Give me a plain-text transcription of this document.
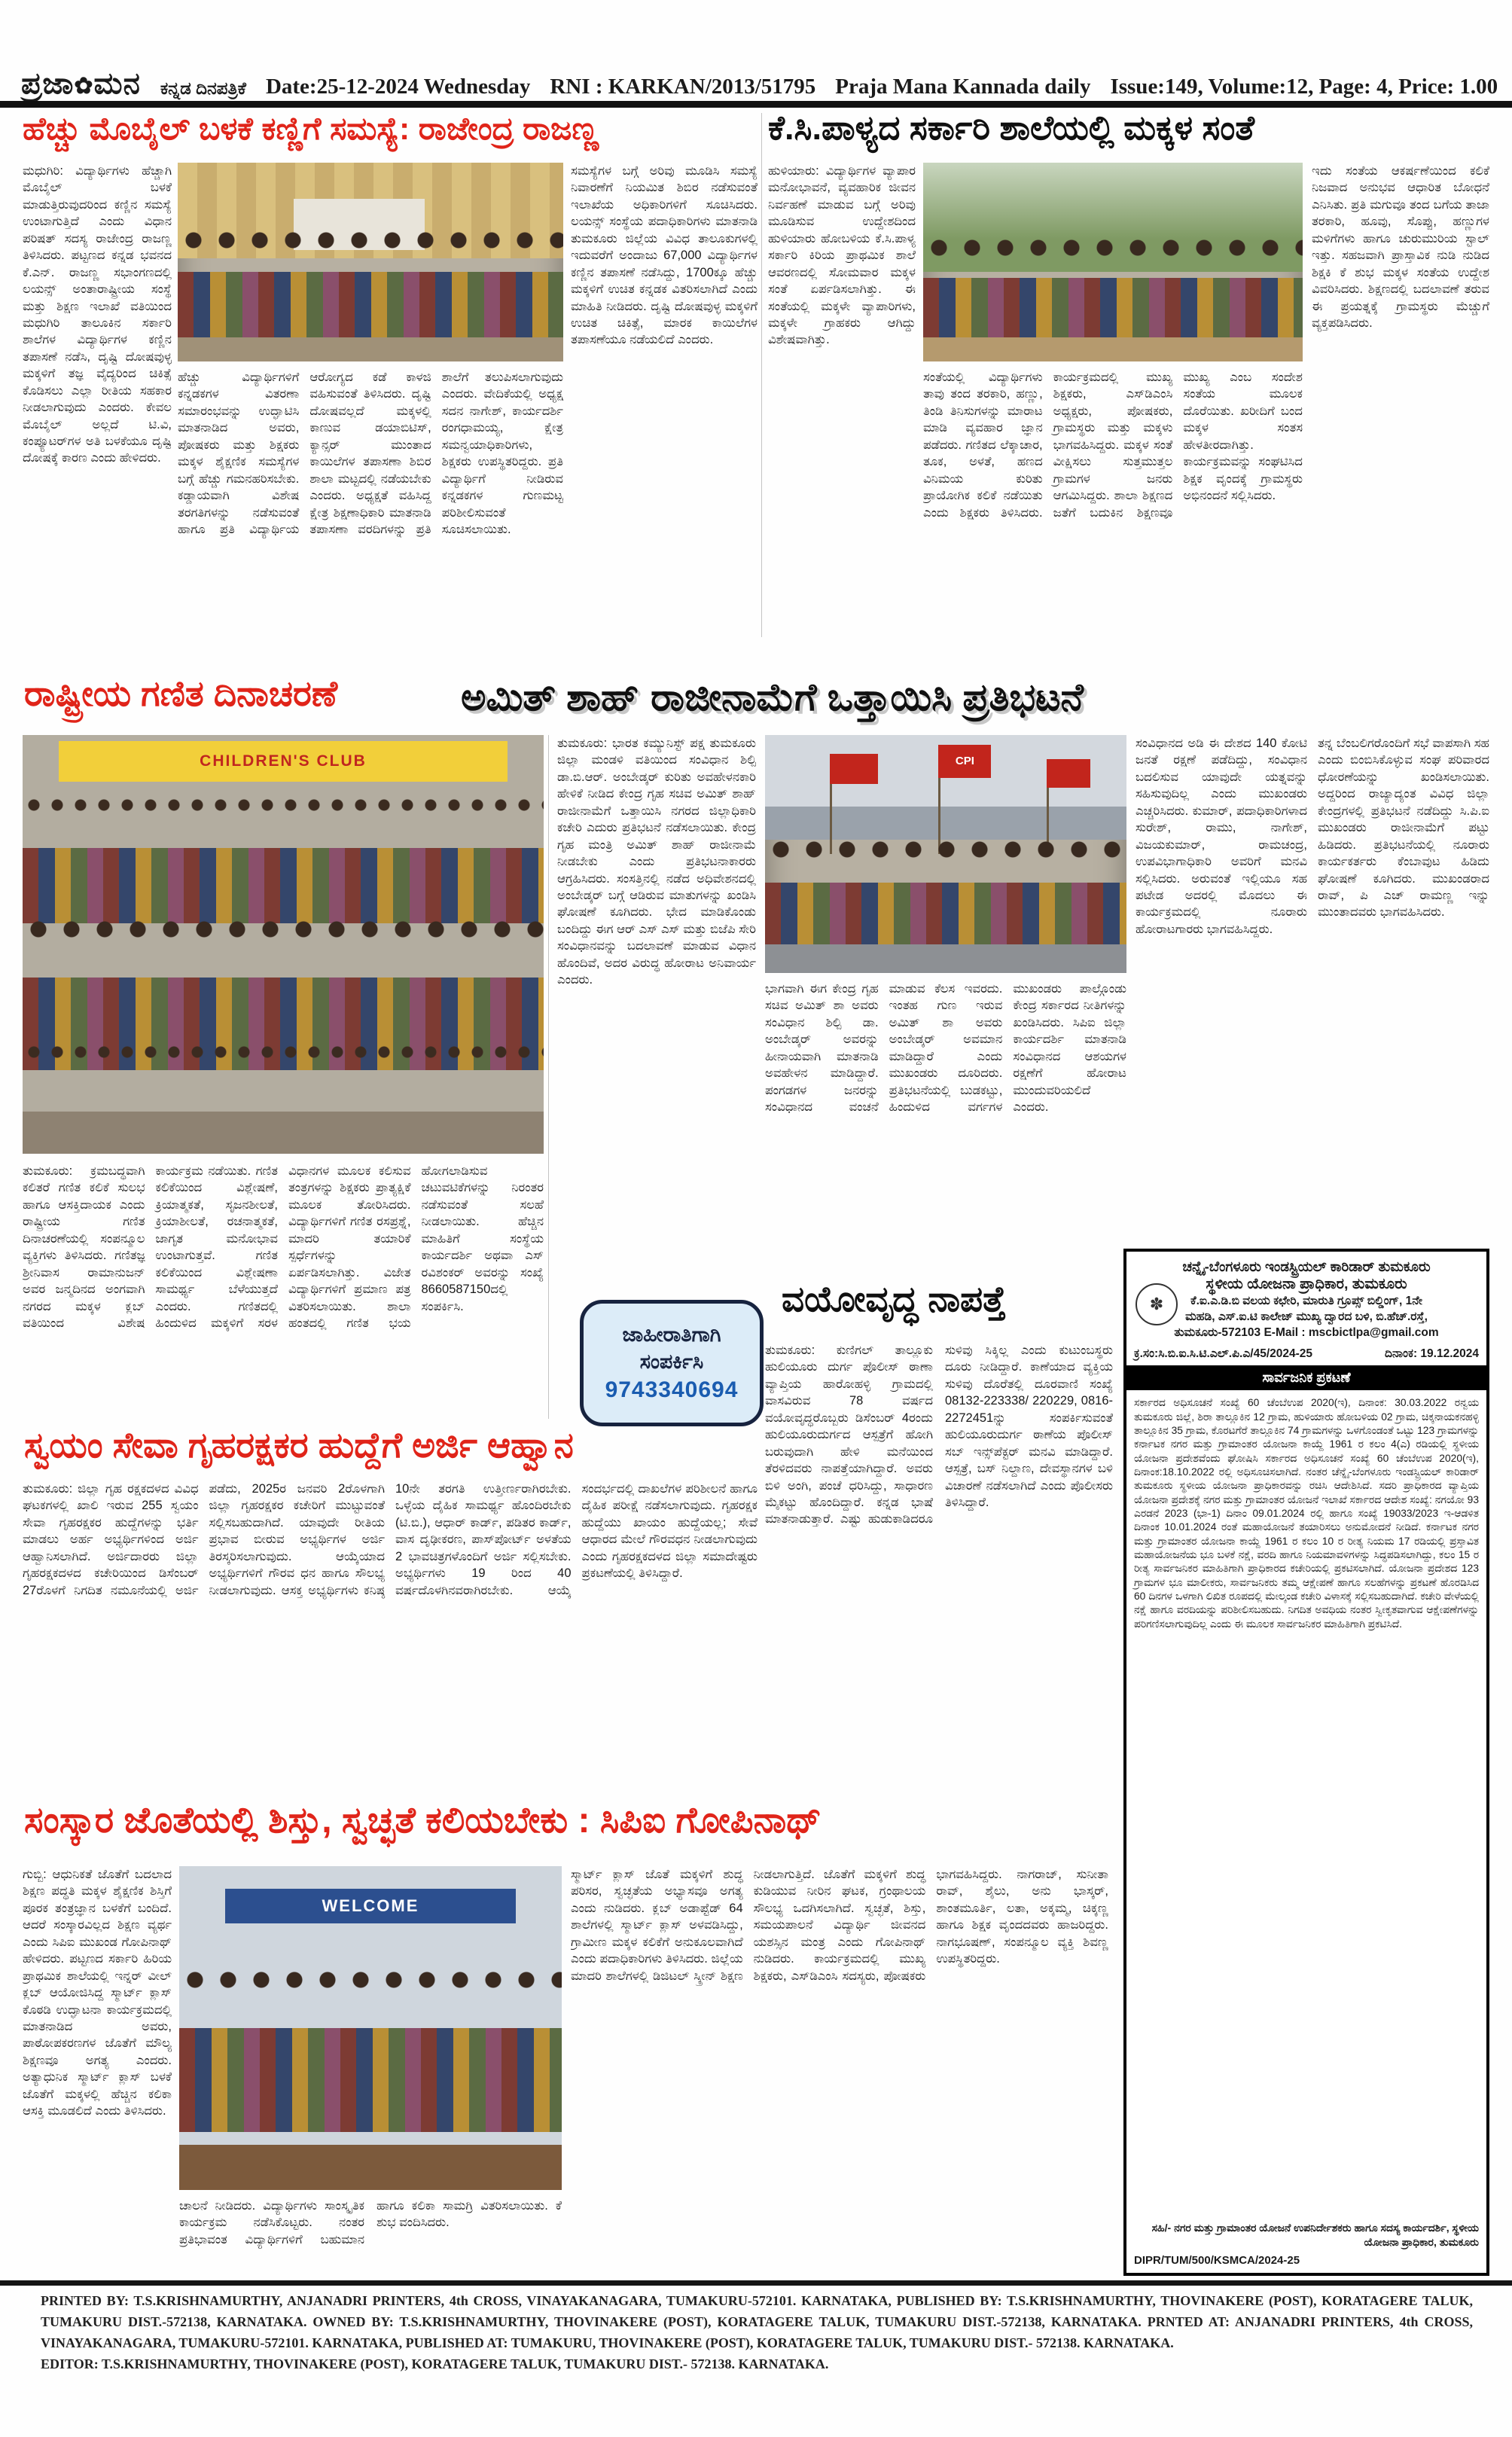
ಪ್ರಜಾ✿ಮನ ಕನ್ನಡ ದಿನಪತ್ರಿಕೆ Date:25-12-2024 Wednesday RNI : KARKAN/2013/51795 Praja Mana Kannada daily Issue:149, Volume:12, Page: 4, Price: 1.00
ಹೆಚ್ಚು ಮೊಬೈಲ್ ಬಳಕೆ ಕಣ್ಣಿಗೆ ಸಮಸ್ಯೆ: ರಾಜೇಂದ್ರ ರಾಜಣ್ಣ	ಕೆ.ಸಿ.ಪಾಳ್ಯದ ಸರ್ಕಾರಿ ಶಾಲೆಯಲ್ಲಿ ಮಕ್ಕಳ ಸಂತೆ

ಮಧುಗಿರಿ: ವಿದ್ಯಾರ್ಥಿಗಳು ಹೆಚ್ಚಾಗಿ ಮೊಬೈಲ್ ಬಳಕೆ ಮಾಡುತ್ತಿರುವುದರಿಂದ ಕಣ್ಣಿನ ಸಮಸ್ಯೆ ಉಂಟಾಗುತ್ತಿದೆ ಎಂದು ವಿಧಾನ ಪರಿಷತ್ ಸದಸ್ಯ ರಾಜೇಂದ್ರ ರಾಜಣ್ಣ ತಿಳಿಸಿದರು. ಪಟ್ಟಣದ ಕನ್ನಡ ಭವನದ ಕೆ.ಎನ್. ರಾಜಣ್ಣ ಸಭಾಂಗಣದಲ್ಲಿ ಲಯನ್ಸ್ ಅಂತಾರಾಷ್ಟ್ರೀಯ ಸಂಸ್ಥೆ ಮತ್ತು ಶಿಕ್ಷಣ ಇಲಾಖೆ ವತಿಯಿಂದ ಮಧುಗಿರಿ ತಾಲೂಕಿನ ಸರ್ಕಾರಿ ಶಾಲೆಗಳ ವಿದ್ಯಾರ್ಥಿಗಳ ಕಣ್ಣಿನ ತಪಾಸಣೆ ನಡೆಸಿ, ದೃಷ್ಟಿ ದೋಷವುಳ್ಳ ಮಕ್ಕಳಿಗೆ ತಜ್ಞ ವೈದ್ಯರಿಂದ ಚಿಕಿತ್ಸೆ ಕೊಡಿಸಲು ಎಲ್ಲಾ ರೀತಿಯ ಸಹಕಾರ ನೀಡಲಾಗುವುದು ಎಂದರು. ಕೇವಲ ಮೊಬೈಲ್ ಅಲ್ಲದೆ ಟಿ.ವಿ, ಕಂಪ್ಯೂಟರ್‌ಗಳ ಅತಿ ಬಳಕೆಯೂ ದೃಷ್ಟಿ ದೋಷಕ್ಕೆ ಕಾರಣ ಎಂದು ಹೇಳಿದರು.

ಸಮಸ್ಯೆಗಳ ಬಗ್ಗೆ ಅರಿವು ಮೂಡಿಸಿ ಸಮಸ್ಯೆ ನಿವಾರಣೆಗೆ ನಿಯಮಿತ ಶಿಬಿರ ನಡೆಸುವಂತೆ ಇಲಾಖೆಯ ಅಧಿಕಾರಿಗಳಿಗೆ ಸೂಚಿಸಿದರು. ಲಯನ್ಸ್ ಸಂಸ್ಥೆಯ ಪದಾಧಿಕಾರಿಗಳು ಮಾತನಾಡಿ ತುಮಕೂರು ಜಿಲ್ಲೆಯ ವಿವಿಧ ತಾಲೂಕುಗಳಲ್ಲಿ ಇದುವರೆಗೆ ಅಂದಾಜು 67,000 ವಿದ್ಯಾರ್ಥಿಗಳ ಕಣ್ಣಿನ ತಪಾಸಣೆ ನಡೆಸಿದ್ದು, 1700ಕ್ಕೂ ಹೆಚ್ಚು ಮಕ್ಕಳಿಗೆ ಉಚಿತ ಕನ್ನಡಕ ವಿತರಿಸಲಾಗಿದೆ ಎಂದು ಮಾಹಿತಿ ನೀಡಿದರು. ದೃಷ್ಟಿ ದೋಷವುಳ್ಳ ಮಕ್ಕಳಿಗೆ ಉಚಿತ ಚಿಕಿತ್ಸೆ, ಮಾರಕ ಕಾಯಿಲೆಗಳ ತಪಾಸಣೆಯೂ ನಡೆಯಲಿದೆ ಎಂದರು.

ಹೆಚ್ಚು ವಿದ್ಯಾರ್ಥಿಗಳಿಗೆ ಕನ್ನಡಕಗಳ ವಿತರಣಾ ಸಮಾರಂಭವನ್ನು ಉದ್ಘಾಟಿಸಿ ಮಾತನಾಡಿದ ಅವರು, ಪೋಷಕರು ಮತ್ತು ಶಿಕ್ಷಕರು ಮಕ್ಕಳ ಶೈಕ್ಷಣಿಕ ಸಮಸ್ಯೆಗಳ ಬಗ್ಗೆ ಹೆಚ್ಚು ಗಮನಹರಿಸಬೇಕು. ಕಡ್ಡಾಯವಾಗಿ ವಿಶೇಷ ತರಗತಿಗಳನ್ನು ನಡೆಸುವಂತೆ ಹಾಗೂ ಪ್ರತಿ ವಿದ್ಯಾರ್ಥಿಯ ಆರೋಗ್ಯದ ಕಡೆ ಕಾಳಜಿ ವಹಿಸುವಂತೆ ತಿಳಿಸಿದರು. ದೃಷ್ಟಿ ದೋಷವಲ್ಲದೆ ಮಕ್ಕಳಲ್ಲಿ ಕಾಣುವ ಡಯಾಬಿಟಿಸ್, ಕ್ಯಾನ್ಸರ್ ಮುಂತಾದ ಕಾಯಿಲೆಗಳ ತಪಾಸಣಾ ಶಿಬಿರ ಶಾಲಾ ಮಟ್ಟದಲ್ಲಿ ನಡೆಯಬೇಕು ಎಂದರು. ಅಧ್ಯಕ್ಷತೆ ವಹಿಸಿದ್ದ ಕ್ಷೇತ್ರ ಶಿಕ್ಷಣಾಧಿಕಾರಿ ಮಾತನಾಡಿ ತಪಾಸಣಾ ವರದಿಗಳನ್ನು ಪ್ರತಿ ಶಾಲೆಗೆ ತಲುಪಿಸಲಾಗುವುದು ಎಂದರು. ವೇದಿಕೆಯಲ್ಲಿ ಅಧ್ಯಕ್ಷ ಸದನ ನಾಗೇಶ್, ಕಾರ್ಯದರ್ಶಿ ರಂಗಧಾಮಯ್ಯ, ಕ್ಷೇತ್ರ ಸಮನ್ವಯಾಧಿಕಾರಿಗಳು, ಶಿಕ್ಷಕರು ಉಪಸ್ಥಿತರಿದ್ದರು. ಪ್ರತಿ ವಿದ್ಯಾರ್ಥಿಗೆ ನೀಡಿರುವ ಕನ್ನಡಕಗಳ ಗುಣಮಟ್ಟ ಪರಿಶೀಲಿಸುವಂತೆ ಸೂಚಿಸಲಾಯಿತು.

ಹುಳಿಯಾರು: ವಿದ್ಯಾರ್ಥಿಗಳ ವ್ಯಾಪಾರ ಮನೋಭಾವನೆ, ವ್ಯವಹಾರಿಕ ಜೀವನ ನಿರ್ವಹಣೆ ಮಾಡುವ ಬಗ್ಗೆ ಅರಿವು ಮೂಡಿಸುವ ಉದ್ದೇಶದಿಂದ ಹುಳಿಯಾರು ಹೋಬಳಿಯ ಕೆ.ಸಿ.ಪಾಳ್ಯ ಸರ್ಕಾರಿ ಕಿರಿಯ ಪ್ರಾಥಮಿಕ ಶಾಲೆ ಆವರಣದಲ್ಲಿ ಸೋಮವಾರ ಮಕ್ಕಳ ಸಂತೆ ಏರ್ಪಡಿಸಲಾಗಿತ್ತು. ಈ ಸಂತೆಯಲ್ಲಿ ಮಕ್ಕಳೇ ವ್ಯಾಪಾರಿಗಳು, ಮಕ್ಕಳೇ ಗ್ರಾಹಕರು ಆಗಿದ್ದು ವಿಶೇಷವಾಗಿತ್ತು.

ಇದು ಸಂತೆಯ ಆಕರ್ಷಣೆಯಿಂದ ಕಲಿಕೆ ನಿಜವಾದ ಅನುಭವ ಆಧಾರಿತ ಬೋಧನೆ ಎನಿಸಿತು. ಪ್ರತಿ ಮಗುವೂ ತಂದ ಬಗೆಯ ತಾಜಾ ತರಕಾರಿ, ಹೂವು, ಸೊಪ್ಪು, ಹಣ್ಣುಗಳ ಮಳಿಗೆಗಳು ಹಾಗೂ ಚುರುಮುರಿಯ ಸ್ಟಾಲ್ ಇತ್ತು. ಸಹಜವಾಗಿ ಪ್ರಾಸ್ತಾವಿಕ ನುಡಿ ನುಡಿದ ಶಿಕ್ಷಕಿ ಕೆ ಶುಭ ಮಕ್ಕಳ ಸಂತೆಯ ಉದ್ದೇಶ ವಿವರಿಸಿದರು. ಶಿಕ್ಷಣದಲ್ಲಿ ಬದಲಾವಣೆ ತರುವ ಈ ಪ್ರಯತ್ನಕ್ಕೆ ಗ್ರಾಮಸ್ಥರು ಮೆಚ್ಚುಗೆ ವ್ಯಕ್ತಪಡಿಸಿದರು.

ಸಂತೆಯಲ್ಲಿ ವಿದ್ಯಾರ್ಥಿಗಳು ತಾವು ತಂದ ತರಕಾರಿ, ಹಣ್ಣು, ತಿಂಡಿ ತಿನಿಸುಗಳನ್ನು ಮಾರಾಟ ಮಾಡಿ ವ್ಯವಹಾರ ಜ್ಞಾನ ಪಡೆದರು. ಗಣಿತದ ಲೆಕ್ಕಾಚಾರ, ತೂಕ, ಅಳತೆ, ಹಣದ ವಿನಿಮಯ ಕುರಿತು ಪ್ರಾಯೋಗಿಕ ಕಲಿಕೆ ನಡೆಯಿತು ಎಂದು ಶಿಕ್ಷಕರು ತಿಳಿಸಿದರು. ಕಾರ್ಯಕ್ರಮದಲ್ಲಿ ಮುಖ್ಯ ಶಿಕ್ಷಕರು, ಎಸ್‌ಡಿಎಂಸಿ ಅಧ್ಯಕ್ಷರು, ಪೋಷಕರು, ಗ್ರಾಮಸ್ಥರು ಮತ್ತು ಮಕ್ಕಳು ಭಾಗವಹಿಸಿದ್ದರು. ಮಕ್ಕಳ ಸಂತೆ ವೀಕ್ಷಿಸಲು ಸುತ್ತಮುತ್ತಲ ಗ್ರಾಮಗಳ ಜನರು ಆಗಮಿಸಿದ್ದರು. ಶಾಲಾ ಶಿಕ್ಷಣದ ಜತೆಗೆ ಬದುಕಿನ ಶಿಕ್ಷಣವೂ ಮುಖ್ಯ ಎಂಬ ಸಂದೇಶ ಸಂತೆಯ ಮೂಲಕ ದೊರೆಯಿತು. ಖರೀದಿಗೆ ಬಂದ ಮಕ್ಕಳ ಸಂತಸ ಹೇಳತೀರದಾಗಿತ್ತು. ಕಾರ್ಯಕ್ರಮವನ್ನು ಸಂಘಟಿಸಿದ ಶಿಕ್ಷಕ ವೃಂದಕ್ಕೆ ಗ್ರಾಮಸ್ಥರು ಅಭಿನಂದನೆ ಸಲ್ಲಿಸಿದರು.

ರಾಷ್ಟ್ರೀಯ ಗಣಿತ ದಿನಾಚರಣೆ	ಅಮಿತ್ ಶಾಹ್ ರಾಜೀನಾಮೆಗೆ ಒತ್ತಾಯಿಸಿ ಪ್ರತಿಭಟನೆ
CHILDREN'S CLUB

ತುಮಕೂರು: ಕ್ರಮಬದ್ಧವಾಗಿ ಕಲಿತರೆ ಗಣಿತ ಕಲಿಕೆ ಸುಲಭ ಹಾಗೂ ಆಸಕ್ತಿದಾಯಕ ಎಂದು ರಾಷ್ಟ್ರೀಯ ಗಣಿತ ದಿನಾಚರಣೆಯಲ್ಲಿ ಸಂಪನ್ಮೂಲ ವ್ಯಕ್ತಿಗಳು ತಿಳಿಸಿದರು. ಗಣಿತಜ್ಞ ಶ್ರೀನಿವಾಸ ರಾಮಾನುಜನ್ ಅವರ ಜನ್ಮದಿನದ ಅಂಗವಾಗಿ ನಗರದ ಮಕ್ಕಳ ಕ್ಲಬ್ ವತಿಯಿಂದ ವಿಶೇಷ ಕಾರ್ಯಕ್ರಮ ನಡೆಯಿತು. ಗಣಿತ ಕಲಿಕೆಯಿಂದ ವಿಶ್ಲೇಷಣೆ, ಕ್ರಿಯಾತ್ಮಕತೆ, ಸೃಜನಶೀಲತೆ, ಕ್ರಿಯಾಶೀಲತೆ, ರಚನಾತ್ಮಕತೆ, ಜಾಗೃತ ಮನೋಭಾವ ಉಂಟಾಗುತ್ತವೆ. ಗಣಿತ ಕಲಿಕೆಯಿಂದ ವಿಶ್ಲೇಷಣಾ ಸಾಮರ್ಥ್ಯ ಬೆಳೆಯುತ್ತದೆ ಎಂದರು. ಗಣಿತದಲ್ಲಿ ಹಿಂದುಳಿದ ಮಕ್ಕಳಿಗೆ ಸರಳ ವಿಧಾನಗಳ ಮೂಲಕ ಕಲಿಸುವ ತಂತ್ರಗಳನ್ನು ಶಿಕ್ಷಕರು ಪ್ರಾತ್ಯಕ್ಷಿಕೆ ಮೂಲಕ ತೋರಿಸಿದರು. ವಿದ್ಯಾರ್ಥಿಗಳಿಗೆ ಗಣಿತ ರಸಪ್ರಶ್ನೆ, ಮಾದರಿ ತಯಾರಿಕೆ ಸ್ಪರ್ಧೆಗಳನ್ನು ಏರ್ಪಡಿಸಲಾಗಿತ್ತು. ವಿಜೇತ ವಿದ್ಯಾರ್ಥಿಗಳಿಗೆ ಪ್ರಮಾಣ ಪತ್ರ ವಿತರಿಸಲಾಯಿತು. ಶಾಲಾ ಹಂತದಲ್ಲಿ ಗಣಿತ ಭಯ ಹೋಗಲಾಡಿಸುವ ಚಟುವಟಿಕೆಗಳನ್ನು ನಿರಂತರ ನಡೆಸುವಂತೆ ಸಲಹೆ ನೀಡಲಾಯಿತು. ಹೆಚ್ಚಿನ ಮಾಹಿತಿಗೆ ಸಂಸ್ಥೆಯ ಕಾರ್ಯದರ್ಶಿ ಅಥವಾ ಎಸ್ ರವಿಶಂಕರ್ ಅವರನ್ನು ಸಂಖ್ಯೆ 8660587150ದಲ್ಲಿ ಸಂಪರ್ಕಿಸಿ.

ತುಮಕೂರು: ಭಾರತ ಕಮ್ಯುನಿಸ್ಟ್ ಪಕ್ಷ ತುಮಕೂರು ಜಿಲ್ಲಾ ಮಂಡಳಿ ವತಿಯಿಂದ ಸಂವಿಧಾನ ಶಿಲ್ಪಿ ಡಾ.ಬಿ.ಆರ್. ಅಂಬೇಡ್ಕರ್ ಕುರಿತು ಅವಹೇಳನಕಾರಿ ಹೇಳಿಕೆ ನೀಡಿದ ಕೇಂದ್ರ ಗೃಹ ಸಚಿವ ಅಮಿತ್ ಶಾಹ್ ರಾಜೀನಾಮೆಗೆ ಒತ್ತಾಯಿಸಿ ನಗರದ ಜಿಲ್ಲಾಧಿಕಾರಿ ಕಚೇರಿ ಎದುರು ಪ್ರತಿಭಟನೆ ನಡೆಸಲಾಯಿತು. ಕೇಂದ್ರ ಗೃಹ ಮಂತ್ರಿ ಅಮಿತ್ ಶಾಹ್ ರಾಜೀನಾಮೆ ನೀಡಬೇಕು ಎಂದು ಪ್ರತಿಭಟನಾಕಾರರು ಆಗ್ರಹಿಸಿದರು. ಸಂಸತ್ತಿನಲ್ಲಿ ನಡೆದ ಅಧಿವೇಶನದಲ್ಲಿ ಅಂಬೇಡ್ಕರ್ ಬಗ್ಗೆ ಆಡಿರುವ ಮಾತುಗಳನ್ನು ಖಂಡಿಸಿ ಘೋಷಣೆ ಕೂಗಿದರು. ಭೇದ ಮಾಡಿಕೊಂಡು ಬಂದಿದ್ದು ಈಗ ಆರ್ ಎಸ್ ಎಸ್ ಮತ್ತು ಬಿಜೆಪಿ ಸೇರಿ ಸಂವಿಧಾನವನ್ನು ಬದಲಾವಣೆ ಮಾಡುವ ವಿಧಾನ ಹೊಂದಿವೆ, ಅದರ ವಿರುದ್ಧ ಹೋರಾಟ ಅನಿವಾರ್ಯ ಎಂದರು.

CPI

ಭಾಗವಾಗಿ ಈಗ ಕೇಂದ್ರ ಗೃಹ ಸಚಿವ ಅಮಿತ್ ಶಾ ಅವರು ಸಂವಿಧಾನ ಶಿಲ್ಪಿ ಡಾ. ಅಂಬೇಡ್ಕರ್ ಅವರನ್ನು ಹೀನಾಯವಾಗಿ ಮಾತನಾಡಿ ಅವಹೇಳನ ಮಾಡಿದ್ದಾರೆ. ಪಂಗಡಗಳ ಜನರನ್ನು ಸಂವಿಧಾನದ ವಂಚನೆ ಮಾಡುವ ಕೆಲಸ ಇವರದು. ಇಂತಹ ಗುಣ ಇರುವ ಅಮಿತ್ ಶಾ ಅವರು ಅಂಬೇಡ್ಕರ್ ಅವಮಾನ ಮಾಡಿದ್ದಾರೆ ಎಂದು ಮುಖಂಡರು ದೂರಿದರು. ಪ್ರತಿಭಟನೆಯಲ್ಲಿ ಬುಡಕಟ್ಟು, ಹಿಂದುಳಿದ ವರ್ಗಗಳ ಮುಖಂಡರು ಪಾಲ್ಗೊಂಡು ಕೇಂದ್ರ ಸರ್ಕಾರದ ನೀತಿಗಳನ್ನು ಖಂಡಿಸಿದರು. ಸಿಪಿಐ ಜಿಲ್ಲಾ ಕಾರ್ಯದರ್ಶಿ ಮಾತನಾಡಿ ಸಂವಿಧಾನದ ಆಶಯಗಳ ರಕ್ಷಣೆಗೆ ಹೋರಾಟ ಮುಂದುವರಿಯಲಿದೆ ಎಂದರು.

ಸಂವಿಧಾನದ ಅಡಿ ಈ ದೇಶದ 140 ಕೋಟಿ ಜನತೆ ರಕ್ಷಣೆ ಪಡೆದಿದ್ದು, ಸಂವಿಧಾನ ಬದಲಿಸುವ ಯಾವುದೇ ಯತ್ನವನ್ನು ಸಹಿಸುವುದಿಲ್ಲ ಎಂದು ಮುಖಂಡರು ಎಚ್ಚರಿಸಿದರು. ಕುಮಾರ್, ಪದಾಧಿಕಾರಿಗಳಾದ ಸುರೇಶ್, ರಾಮು, ನಾಗೇಶ್, ವಿಜಯಕುಮಾರ್, ರಾಮಚಂದ್ರ, ಉಪವಿಭಾಗಾಧಿಕಾರಿ ಅವರಿಗೆ ಮನವಿ ಸಲ್ಲಿಸಿದರು. ಅರುವಂತೆ ಇಲ್ಲಿಯೂ ಸಹ ಪಟೇಡ ಅದರಲ್ಲಿ ಮೊದಲು ಈ ಕಾರ್ಯಕ್ರಮದಲ್ಲಿ ನೂರಾರು ಹೋರಾಟಗಾರರು ಭಾಗವಹಿಸಿದ್ದರು.

ತನ್ನ ಬೆಂಬಲಿಗರೊಂದಿಗೆ ಸಭೆ ವಾಪಸಾಗಿ ಸಹ ಎಂದು ಬಿಂಬಿಸಿಕೊಳ್ಳುವ ಸಂಘ ಪರಿವಾರದ ಧೋರಣೆಯನ್ನು ಖಂಡಿಸಲಾಯಿತು. ಅದ್ದರಿಂದ ರಾಜ್ಯಾದ್ಯಂತ ವಿವಿಧ ಜಿಲ್ಲಾ ಕೇಂದ್ರಗಳಲ್ಲಿ ಪ್ರತಿಭಟನೆ ನಡೆದಿದ್ದು ಸಿ.ಪಿ.ಐ ಮುಖಂಡರು ರಾಜೀನಾಮೆಗೆ ಪಟ್ಟು ಹಿಡಿದರು. ಪ್ರತಿಭಟನೆಯಲ್ಲಿ ನೂರಾರು ಕಾರ್ಯಕರ್ತರು ಕೆಂಬಾವುಟ ಹಿಡಿದು ಘೋಷಣೆ ಕೂಗಿದರು. ಮುಖಂಡರಾದ ರಾವ್, ಪಿ ಎಚ್ ರಾಮಣ್ಣ ಇನ್ನು ಮುಂತಾದವರು ಭಾಗವಹಿಸಿದರು.

ಜಾಹೀರಾತಿಗಾಗಿ
ಸಂಪರ್ಕಿಸಿ
9743340694
ವಯೋವೃದ್ಧ ನಾಪತ್ತೆ

ತುಮಕೂರು: ಕುಣಿಗಲ್ ತಾಲ್ಲೂಕು ಹುಲಿಯೂರು ದುರ್ಗ ಪೊಲೀಸ್ ಠಾಣಾ ವ್ಯಾಪ್ತಿಯ ಹಾರೋಹಳ್ಳಿ ಗ್ರಾಮದಲ್ಲಿ ವಾಸವಿರುವ 78 ವರ್ಷದ ವಯೋವೃದ್ಧರೊಬ್ಬರು ಡಿಸೆಂಬರ್ 4ರಂದು ಹುಲಿಯೂರುದುರ್ಗದ ಆಸ್ಪತ್ರೆಗೆ ಹೋಗಿ ಬರುವುದಾಗಿ ಹೇಳಿ ಮನೆಯಿಂದ ತೆರಳಿದವರು ನಾಪತ್ತೆಯಾಗಿದ್ದಾರೆ. ಅವರು ಬಿಳಿ ಅಂಗಿ, ಪಂಚೆ ಧರಿಸಿದ್ದು, ಸಾಧಾರಣ ಮೈಕಟ್ಟು ಹೊಂದಿದ್ದಾರೆ. ಕನ್ನಡ ಭಾಷೆ ಮಾತನಾಡುತ್ತಾರೆ. ಎಷ್ಟು ಹುಡುಕಾಡಿದರೂ ಸುಳಿವು ಸಿಕ್ಕಿಲ್ಲ ಎಂದು ಕುಟುಂಬಸ್ಥರು ದೂರು ನೀಡಿದ್ದಾರೆ. ಕಾಣೆಯಾದ ವ್ಯಕ್ತಿಯ ಸುಳಿವು ದೊರೆತಲ್ಲಿ ದೂರವಾಣಿ ಸಂಖ್ಯೆ 08132-223338/ 220229, 0816-2272451ನ್ನು ಸಂಪರ್ಕಿಸುವಂತೆ ಹುಲಿಯೂರುದುರ್ಗ ಠಾಣೆಯ ಪೊಲೀಸ್ ಸಬ್ ಇನ್ಸ್‌ಪೆಕ್ಟರ್ ಮನವಿ ಮಾಡಿದ್ದಾರೆ. ಆಸ್ಪತ್ರೆ, ಬಸ್ ನಿಲ್ದಾಣ, ದೇವಸ್ಥಾನಗಳ ಬಳಿ ವಿಚಾರಣೆ ನಡೆಸಲಾಗಿದೆ ಎಂದು ಪೊಲೀಸರು ತಿಳಿಸಿದ್ದಾರೆ.

✽
ಚನ್ನೈ-ಬೆಂಗಳೂರು ಇಂಡಸ್ಟ್ರಿಯಲ್ ಕಾರಿಡಾರ್ ತುಮಕೂರು
ಸ್ಥಳೀಯ ಯೋಜನಾ ಪ್ರಾಧಿಕಾರ, ತುಮಕೂರು
ಕೆ.ಐ.ಎ.ಡಿ.ಬಿ ವಲಯ ಕಛೇರಿ, ಮಾರುತಿ ಗ್ರೂಪ್ಸ್ ಬಿಲ್ಡಿಂಗ್, 1ನೇ
ಮಹಡಿ, ಎಸ್.ಐ.ಟಿ ಕಾಲೇಜ್ ಮುಖ್ಯ ದ್ವಾರದ ಬಳಿ, ಬಿ.ಹೆಚ್.ರಸ್ತೆ,
ತುಮಕೂರು-572103 E-Mail : mscbictlpa@gmail.com
ಕ್ರ.ಸಂ:ಸಿ.ಬಿ.ಐ.ಸಿ.ಟಿ.ಎಲ್.ಪಿ.ಎ/45/2024-25	ದಿನಾಂಕ: 19.12.2024
ಸಾರ್ವಜನಿಕ ಪ್ರಕಟಣೆ
ಸರ್ಕಾರದ ಅಧಿಸೂಚನೆ ಸಂಖ್ಯೆ 60 ಚೆಂಬೆಉಪ 2020(ಇ), ದಿನಾಂಕ: 30.03.2022 ರನ್ವಯ ತುಮಕೂರು ಜಿಲ್ಲೆ, ಶಿರಾ ತಾಲ್ಲೂಕಿನ 12 ಗ್ರಾಮ, ಹುಳಿಯಾರು ಹೋಬಳಿಯ 02 ಗ್ರಾಮ, ಚಿಕ್ಕನಾಯಕನಹಳ್ಳಿ ತಾಲ್ಲೂಕಿನ 35 ಗ್ರಾಮ, ಕೊರಟಗೆರೆ ತಾಲ್ಲೂಕಿನ 74 ಗ್ರಾಮಗಳನ್ನು ಒಳಗೊಂಡಂತೆ ಒಟ್ಟು 123 ಗ್ರಾಮಗಳನ್ನು ಕರ್ನಾಟಕ ನಗರ ಮತ್ತು ಗ್ರಾಮಾಂತರ ಯೋಜನಾ ಕಾಯ್ದೆ 1961 ರ ಕಲಂ 4(ಎ) ರಡಿಯಲ್ಲಿ ಸ್ಥಳೀಯ ಯೋಜನಾ ಪ್ರದೇಶವೆಂದು ಘೋಷಿಸಿ ಸರ್ಕಾರದ ಅಧಿಸೂಚನೆ ಸಂಖ್ಯೆ 60 ಚೆಂಬೆಉಪ 2020(ಇ), ದಿನಾಂಕ:18.10.2022 ರಲ್ಲಿ ಅಧಿಸೂಚಿಸಲಾಗಿದೆ. ನಂತರ ಚೆನ್ನೈ-ಬೆಂಗಳೂರು ಇಂಡಸ್ಟ್ರಿಯಲ್ ಕಾರಿಡಾರ್ ತುಮಕೂರು ಸ್ಥಳೀಯ ಯೋಜನಾ ಪ್ರಾಧಿಕಾರವನ್ನು ರಚಿಸಿ ಆದೇಶಿಸಿದೆ. ಸದರಿ ಪ್ರಾಧಿಕಾರದ ವ್ಯಾಪ್ತಿಯ ಯೋಜನಾ ಪ್ರದೇಶಕ್ಕೆ ನಗರ ಮತ್ತು ಗ್ರಾಮಾಂತರ ಯೋಜನೆ ಇಲಾಖೆ ಸರ್ಕಾರದ ಆದೇಶ ಸಂಖ್ಯೆ: ನಗಯೋ 93 ಎರಡನೆ 2023 (ಭಾ-1) ದಿನಾಂ 09.01.2024 ರಲ್ಲಿ ಹಾಗೂ ಸಂಖ್ಯೆ 19033/2023 ಇ-ಆಡಳಿತ ದಿನಾಂಕ 10.01.2024 ರಂತೆ ಮಹಾಯೋಜನೆ ತಯಾರಿಸಲು ಅನುಮೋದನೆ ನೀಡಿದೆ. ಕರ್ನಾಟಕ ನಗರ ಮತ್ತು ಗ್ರಾಮಾಂತರ ಯೋಜನಾ ಕಾಯ್ದೆ 1961 ರ ಕಲಂ 10 ರ ರೀತ್ಯ ನಿಯಮ 17 ರಡಿಯಲ್ಲಿ ಪ್ರಸ್ತಾವಿತ ಮಹಾಯೋಜನೆಯ ಭೂ ಬಳಕೆ ನಕ್ಷೆ, ವರದಿ ಹಾಗೂ ನಿಯಮಾವಳಿಗಳನ್ನು ಸಿದ್ಧಪಡಿಸಲಾಗಿದ್ದು, ಕಲಂ 15 ರ ರೀತ್ಯ ಸಾರ್ವಜನಿಕರ ಮಾಹಿತಿಗಾಗಿ ಪ್ರಾಧಿಕಾರದ ಕಚೇರಿಯಲ್ಲಿ ಪ್ರಕಟಿಸಲಾಗಿದೆ. ಯೋಜನಾ ಪ್ರದೇಶದ 123 ಗ್ರಾಮಗಳ ಭೂ ಮಾಲೀಕರು, ಸಾರ್ವಜನಿಕರು ತಮ್ಮ ಆಕ್ಷೇಪಣೆ ಹಾಗೂ ಸಲಹೆಗಳನ್ನು ಪ್ರಕಟಣೆ ಹೊರಡಿಸಿದ 60 ದಿನಗಳ ಒಳಗಾಗಿ ಲಿಖಿತ ರೂಪದಲ್ಲಿ ಮೇಲ್ಕಂಡ ಕಚೇರಿ ವಿಳಾಸಕ್ಕೆ ಸಲ್ಲಿಸಬಹುದಾಗಿದೆ. ಕಚೇರಿ ವೇಳೆಯಲ್ಲಿ ನಕ್ಷೆ ಹಾಗೂ ವರದಿಯನ್ನು ಪರಿಶೀಲಿಸಬಹುದು. ನಿಗದಿತ ಅವಧಿಯ ನಂತರ ಸ್ವೀಕೃತವಾಗುವ ಆಕ್ಷೇಪಣೆಗಳನ್ನು ಪರಿಗಣಿಸಲಾಗುವುದಿಲ್ಲ ಎಂದು ಈ ಮೂಲಕ ಸಾರ್ವಜನಿಕರ ಮಾಹಿತಿಗಾಗಿ ಪ್ರಕಟಿಸಿದೆ.
ಸಹಿ/- ನಗರ ಮತ್ತು ಗ್ರಾಮಾಂತರ ಯೋಜನೆ ಉಪನಿರ್ದೇಶಕರು ಹಾಗೂ ಸದಸ್ಯ ಕಾರ್ಯದರ್ಶಿ, ಸ್ಥಳೀಯ ಯೋಜನಾ ಪ್ರಾಧಿಕಾರ, ತುಮಕೂರು
DIPR/TUM/500/KSMCA/2024-25
ಸ್ವಯಂ ಸೇವಾ ಗೃಹರಕ್ಷಕರ ಹುದ್ದೆಗೆ ಅರ್ಜಿ ಆಹ್ವಾನ

ತುಮಕೂರು: ಜಿಲ್ಲಾ ಗೃಹ ರಕ್ಷಕದಳದ ವಿವಿಧ ಘಟಕಗಳಲ್ಲಿ ಖಾಲಿ ಇರುವ 255 ಸ್ವಯಂ ಸೇವಾ ಗೃಹರಕ್ಷಕರ ಹುದ್ದೆಗಳನ್ನು ಭರ್ತಿ ಮಾಡಲು ಅರ್ಹ ಅಭ್ಯರ್ಥಿಗಳಿಂದ ಅರ್ಜಿ ಆಹ್ವಾನಿಸಲಾಗಿದೆ. ಅರ್ಜಿದಾರರು ಜಿಲ್ಲಾ ಗೃಹರಕ್ಷಕದಳದ ಕಚೇರಿಯಿಂದ ಡಿಸೆಂಬರ್ 27ರೊಳಗೆ ನಿಗದಿತ ನಮೂನೆಯಲ್ಲಿ ಅರ್ಜಿ ಪಡೆದು, 2025ರ ಜನವರಿ 2ರೊಳಗಾಗಿ ಜಿಲ್ಲಾ ಗೃಹರಕ್ಷಕರ ಕಚೇರಿಗೆ ಮುಟ್ಟುವಂತೆ ಸಲ್ಲಿಸಬಹುದಾಗಿದೆ. ಯಾವುದೇ ರೀತಿಯ ಪ್ರಭಾವ ಬೀರುವ ಅಭ್ಯರ್ಥಿಗಳ ಅರ್ಜಿ ತಿರಸ್ಕರಿಸಲಾಗುವುದು. ಆಯ್ಕೆಯಾದ ಅಭ್ಯರ್ಥಿಗಳಿಗೆ ಗೌರವ ಧನ ಹಾಗೂ ಸೌಲಭ್ಯ ನೀಡಲಾಗುವುದು. ಆಸಕ್ತ ಅಭ್ಯರ್ಥಿಗಳು ಕನಿಷ್ಠ 10ನೇ ತರಗತಿ ಉತ್ತೀರ್ಣರಾಗಿರಬೇಕು. ಒಳ್ಳೆಯ ದೈಹಿಕ ಸಾಮರ್ಥ್ಯ ಹೊಂದಿರಬೇಕು (ಟಿ.ಬಿ.), ಆಧಾರ್ ಕಾರ್ಡ್, ಪಡಿತರ ಕಾರ್ಡ್, ವಾಸ ದೃಢೀಕರಣ, ಪಾಸ್‌ಪೋರ್ಟ್ ಅಳತೆಯ 2 ಭಾವಚಿತ್ರಗಳೊಂದಿಗೆ ಅರ್ಜಿ ಸಲ್ಲಿಸಬೇಕು. ಅಭ್ಯರ್ಥಿಗಳು 19 ರಿಂದ 40 ವರ್ಷದೊಳಗಿನವರಾಗಿರಬೇಕು. ಆಯ್ಕೆ ಸಂದರ್ಭದಲ್ಲಿ ದಾಖಲೆಗಳ ಪರಿಶೀಲನೆ ಹಾಗೂ ದೈಹಿಕ ಪರೀಕ್ಷೆ ನಡೆಸಲಾಗುವುದು. ಗೃಹರಕ್ಷಕ ಹುದ್ದೆಯು ಖಾಯಂ ಹುದ್ದೆಯಲ್ಲ; ಸೇವೆ ಆಧಾರದ ಮೇಲೆ ಗೌರವಧನ ನೀಡಲಾಗುವುದು ಎಂದು ಗೃಹರಕ್ಷಕದಳದ ಜಿಲ್ಲಾ ಸಮಾದೇಷ್ಟರು ಪ್ರಕಟಣೆಯಲ್ಲಿ ತಿಳಿಸಿದ್ದಾರೆ.

ಸಂಸ್ಕಾರ ಜೊತೆಯಲ್ಲಿ ಶಿಸ್ತು, ಸ್ವಚ್ಛತೆ ಕಲಿಯಬೇಕು : ಸಿಪಿಐ ಗೋಪಿನಾಥ್

ಗುಬ್ಬಿ: ಆಧುನಿಕತೆ ಜೊತೆಗೆ ಬದಲಾದ ಶಿಕ್ಷಣ ಪದ್ಧತಿ ಮಕ್ಕಳ ಶೈಕ್ಷಣಿಕ ಶಿಸ್ತಿಗೆ ಪೂರಕ ತಂತ್ರಜ್ಞಾನ ಬಳಕೆಗೆ ಬಂದಿದೆ. ಆದರೆ ಸಂಸ್ಕಾರವಿಲ್ಲದ ಶಿಕ್ಷಣ ವ್ಯರ್ಥ ಎಂದು ಸಿಪಿಐ ಮುಖಂಡ ಗೋಪಿನಾಥ್ ಹೇಳಿದರು. ಪಟ್ಟಣದ ಸರ್ಕಾರಿ ಹಿರಿಯ ಪ್ರಾಥಮಿಕ ಶಾಲೆಯಲ್ಲಿ ಇನ್ನರ್ ವೀಲ್ ಕ್ಲಬ್ ಆಯೋಜಿಸಿದ್ದ ಸ್ಮಾರ್ಟ್ ಕ್ಲಾಸ್ ಕೊಠಡಿ ಉದ್ಘಾಟನಾ ಕಾರ್ಯಕ್ರಮದಲ್ಲಿ ಮಾತನಾಡಿದ ಅವರು, ಪಾಠೋಪಕರಣಗಳ ಜೊತೆಗೆ ಮೌಲ್ಯ ಶಿಕ್ಷಣವೂ ಅಗತ್ಯ ಎಂದರು. ಅತ್ಯಾಧುನಿಕ ಸ್ಮಾರ್ಟ್ ಕ್ಲಾಸ್ ಬಳಕೆ ಜೊತೆಗೆ ಮಕ್ಕಳಲ್ಲಿ ಹೆಚ್ಚಿನ ಕಲಿಕಾ ಆಸಕ್ತಿ ಮೂಡಲಿದೆ ಎಂದು ತಿಳಿಸಿದರು.

WELCOME

ಚಾಲನೆ ನೀಡಿದರು. ವಿದ್ಯಾರ್ಥಿಗಳು ಸಾಂಸ್ಕೃತಿಕ ಕಾರ್ಯಕ್ರಮ ನಡೆಸಿಕೊಟ್ಟರು. ನಂತರ ಪ್ರತಿಭಾವಂತ ವಿದ್ಯಾರ್ಥಿಗಳಿಗೆ ಬಹುಮಾನ ಹಾಗೂ ಕಲಿಕಾ ಸಾಮಗ್ರಿ ವಿತರಿಸಲಾಯಿತು. ಕೆ ಶುಭ ವಂದಿಸಿದರು.

ಸ್ಮಾರ್ಟ್ ಕ್ಲಾಸ್ ಜೊತೆ ಮಕ್ಕಳಿಗೆ ಶುದ್ಧ ಪರಿಸರ, ಸ್ವಚ್ಛತೆಯ ಅಭ್ಯಾಸವೂ ಅಗತ್ಯ ಎಂದು ನುಡಿದರು. ಕ್ಲಬ್ ಅಡಾಪ್ಟೆಡ್ 64 ಶಾಲೆಗಳಲ್ಲಿ ಸ್ಮಾರ್ಟ್ ಕ್ಲಾಸ್ ಅಳವಡಿಸಿದ್ದು, ಗ್ರಾಮೀಣ ಮಕ್ಕಳ ಕಲಿಕೆಗೆ ಅನುಕೂಲವಾಗಿದೆ ಎಂದು ಪದಾಧಿಕಾರಿಗಳು ತಿಳಿಸಿದರು. ಜಿಲ್ಲೆಯ ಮಾದರಿ ಶಾಲೆಗಳಲ್ಲಿ ಡಿಜಿಟಲ್ ಸ್ಕ್ರೀನ್ ಶಿಕ್ಷಣ ನೀಡಲಾಗುತ್ತಿದೆ. ಜೊತೆಗೆ ಮಕ್ಕಳಿಗೆ ಶುದ್ಧ ಕುಡಿಯುವ ನೀರಿನ ಘಟಕ, ಗ್ರಂಥಾಲಯ ಸೌಲಭ್ಯ ಒದಗಿಸಲಾಗಿದೆ. ಸ್ವಚ್ಛತೆ, ಶಿಸ್ತು, ಸಮಯಪಾಲನೆ ವಿದ್ಯಾರ್ಥಿ ಜೀವನದ ಯಶಸ್ಸಿನ ಮಂತ್ರ ಎಂದು ಗೋಪಿನಾಥ್ ನುಡಿದರು. ಕಾರ್ಯಕ್ರಮದಲ್ಲಿ ಮುಖ್ಯ ಶಿಕ್ಷಕರು, ಎಸ್‌ಡಿಎಂಸಿ ಸದಸ್ಯರು, ಪೋಷಕರು ಭಾಗವಹಿಸಿದ್ದರು. ನಾಗರಾಜ್, ಸುನೀತಾ ರಾವ್, ಶೈಲು, ಅನು ಭಾಸ್ಕರ್, ಶಾಂತಮೂರ್ತಿ, ಲತಾ, ಅಕ್ಕಮ್ಮ, ಚಿಕ್ಕಣ್ಣ ಹಾಗೂ ಶಿಕ್ಷಕ ವೃಂದದವರು ಹಾಜರಿದ್ದರು. ನಾಗಭೂಷಣ್, ಸಂಪನ್ಮೂಲ ವ್ಯಕ್ತಿ ಶಿವಣ್ಣ ಉಪಸ್ಥಿತರಿದ್ದರು.

PRINTED BY: T.S.KRISHNAMURTHY, ANJANADRI PRINTERS, 4th CROSS, VINAYAKANAGARA, TUMAKURU-572101. KARNATAKA, PUBLISHED BY: T.S.KRISHNAMURTHY, THOVINAKERE (POST), KORATAGERE TALUK, TUMAKURU DIST.-572138, KARNATAKA. OWNED BY: T.S.KRISHNAMURTHY, THOVINAKERE (POST), KORATAGERE TALUK, TUMAKURU DIST.-572138, KARNATAKA. PRNTED AT: ANJANADRI PRINTERS, 4th CROSS, VINAYAKANAGARA, TUMAKURU-572101. KARNATAKA, PUBLISHED AT: TUMAKURU, THOVINAKERE (POST), KORATAGERE TALUK, TUMAKURU DIST.- 572138. KARNATAKA.

EDITOR: T.S.KRISHNAMURTHY, THOVINAKERE (POST), KORATAGERE TALUK, TUMAKURU DIST.- 572138. KARNATAKA.
